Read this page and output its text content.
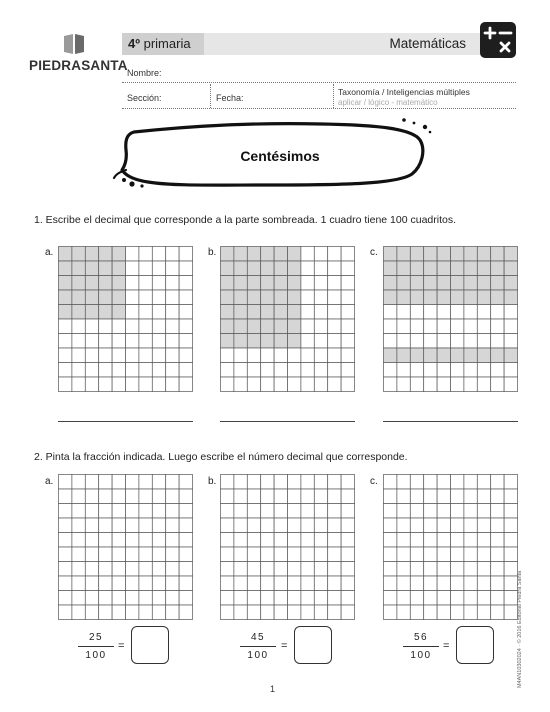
PIEDRASANTA
4º primaria	Matemáticas
Nombre:
Sección:	Fecha:
Taxonomía / Inteligencias múltiples
aplicar / lógico - matemático
Centésimos
1. Escribe el decimal que corresponde a la parte sombreada. 1 cuadro tiene 100 cuadritos.
a.	b.	c.
2. Pinta la fracción indicada. Luego escribe el número decimal que corresponde.
a.	b.	c.
25
100
=
45
100
=
56
100
=	M4AN10302024 · © 2016 Editorial Piedra Santa
1
